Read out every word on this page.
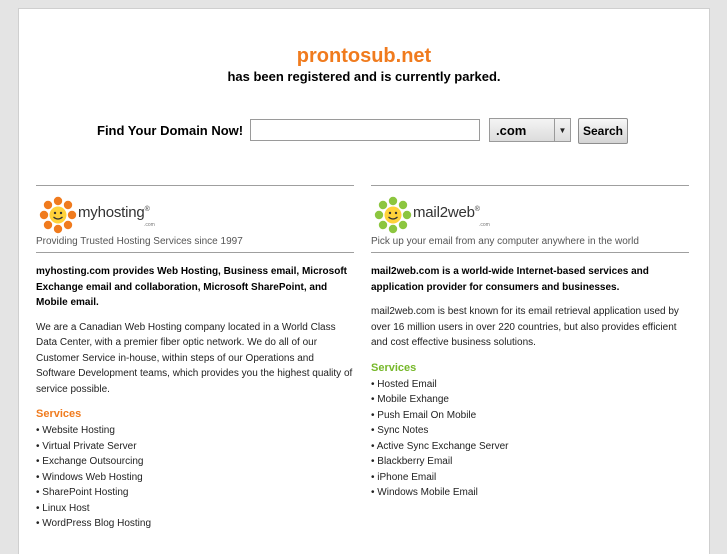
prontosub.net
has been registered and is currently parked.
Find Your Domain Now!	.com	▼	Search
myhosting®
.com
Providing Trusted Hosting Services since 1997
myhosting.com provides Web Hosting, Business email, Microsoft Exchange email and collaboration, Microsoft SharePoint, and Mobile email.
We are a Canadian Web Hosting company located in a World Class Data Center, with a premier fiber optic network. We do all of our Customer Service in-house, within steps of our Operations and Software Development teams, which provides you the highest quality of service possible.
Services
• Website Hosting
• Virtual Private Server
• Exchange Outsourcing
• Windows Web Hosting
• SharePoint Hosting
• Linux Host
• WordPress Blog Hosting
mail2web®
.com
Pick up your email from any computer anywhere in the world
mail2web.com is a world-wide Internet-based services and application provider for consumers and businesses.
mail2web.com is best known for its email retrieval application used by over 16 million users in over 220 countries, but also provides efficient and cost effective business solutions.
Services
• Hosted Email
• Mobile Exhange
• Push Email On Mobile
• Sync Notes
• Active Sync Exchange Server
• Blackberry Email
• iPhone Email
• Windows Mobile Email
